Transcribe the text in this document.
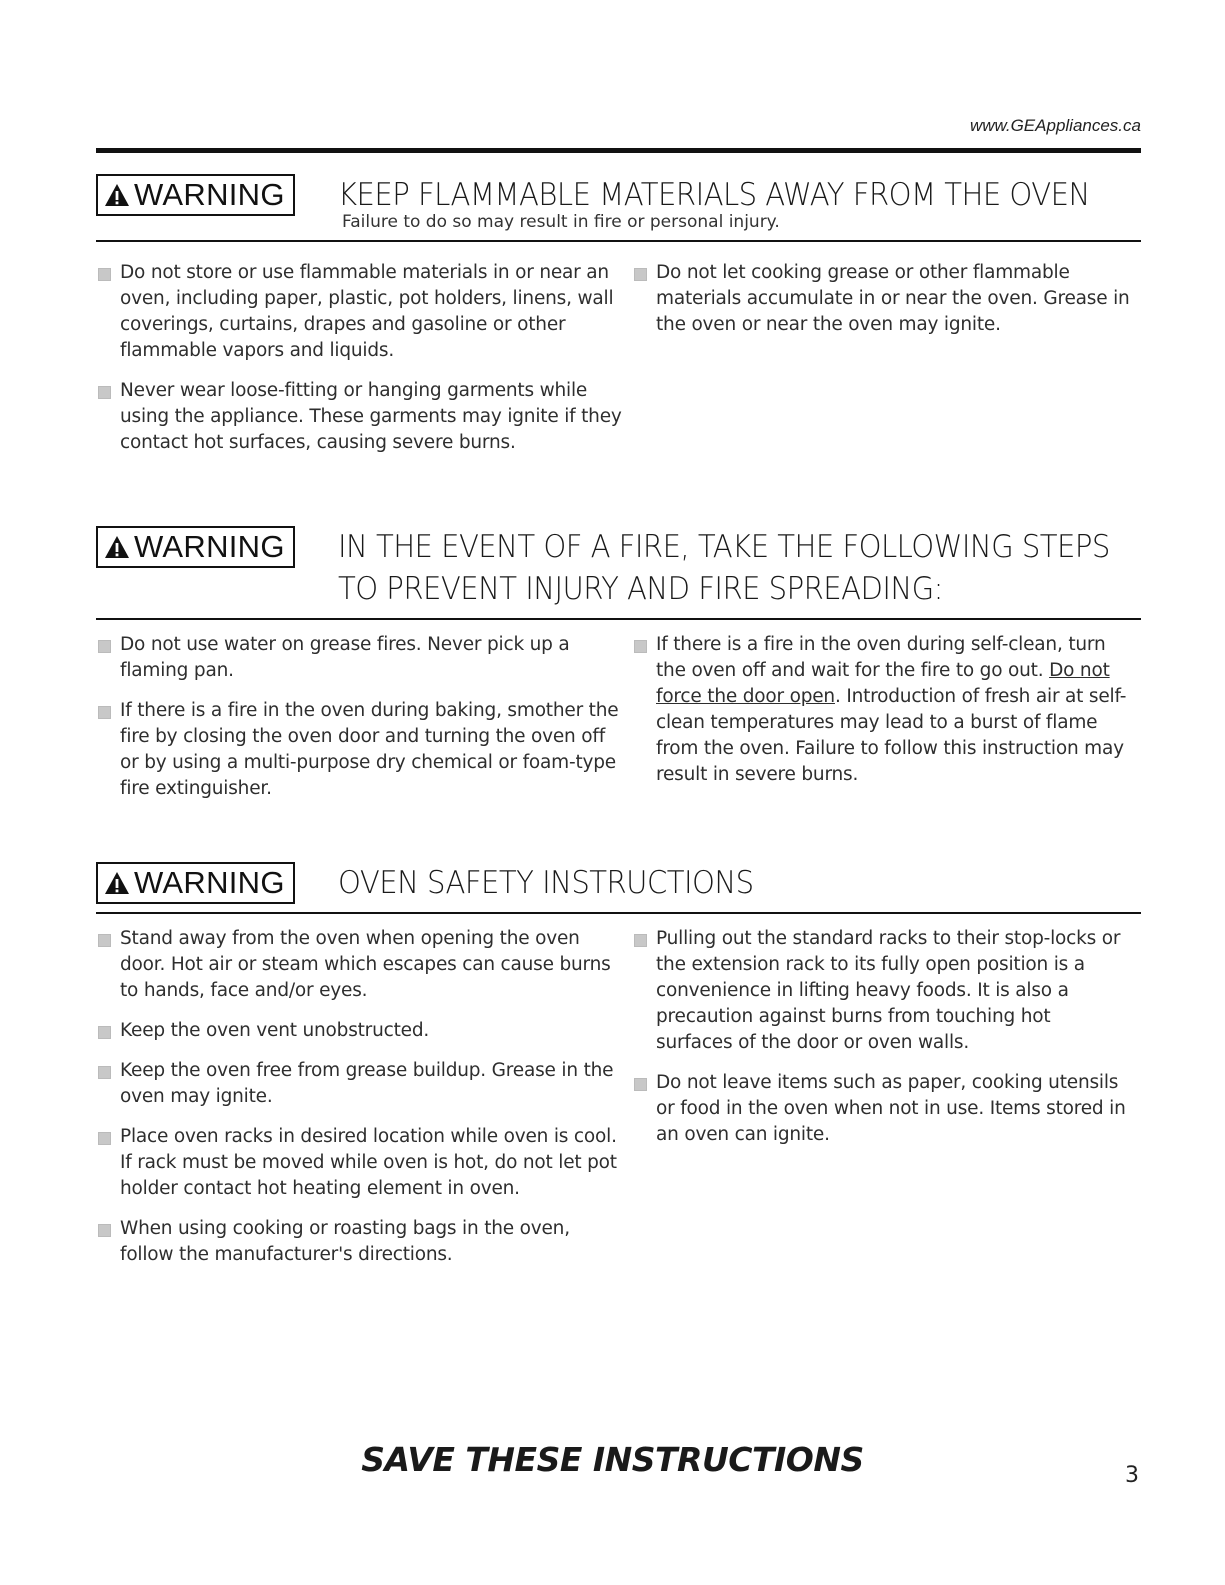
www.GEAppliances.ca
WARNING KEEP FLAMMABLE MATERIALS AWAY FROM THE OVEN
Failure to do so may result in fire or personal injury.
Do not store or use flammable materials in or near an oven, including paper, plastic, pot holders, linens, wall coverings, curtains, drapes and gasoline or other flammable vapors and liquids.
Never wear loose-fitting or hanging garments while using the appliance. These garments may ignite if they contact hot surfaces, causing severe burns.
Do not let cooking grease or other flammable materials accumulate in or near the oven. Grease in the oven or near the oven may ignite.
WARNING IN THE EVENT OF A FIRE, TAKE THE FOLLOWING STEPS
TO PREVENT INJURY AND FIRE SPREADING:
Do not use water on grease fires. Never pick up a flaming pan.
If there is a fire in the oven during baking, smother the fire by closing the oven door and turning the oven off or by using a multi-purpose dry chemical or foam-type fire extinguisher.
If there is a fire in the oven during self-clean, turn the oven off and wait for the fire to go out. Do not force the door open. Introduction of fresh air at self-clean temperatures may lead to a burst of flame from the oven. Failure to follow this instruction may result in severe burns.
WARNING OVEN SAFETY INSTRUCTIONS
Stand away from the oven when opening the oven door. Hot air or steam which escapes can cause burns to hands, face and/or eyes.
Keep the oven vent unobstructed.
Keep the oven free from grease buildup. Grease in the oven may ignite.
Place oven racks in desired location while oven is cool. If rack must be moved while oven is hot, do not let pot holder contact hot heating element in oven.
When using cooking or roasting bags in the oven, follow the manufacturer's directions.
Pulling out the standard racks to their stop-locks or the extension rack to its fully open position is a convenience in lifting heavy foods. It is also a precaution against burns from touching hot surfaces of the door or oven walls.
Do not leave items such as paper, cooking utensils or food in the oven when not in use. Items stored in an oven can ignite.
SAVE THESE INSTRUCTIONS	3
